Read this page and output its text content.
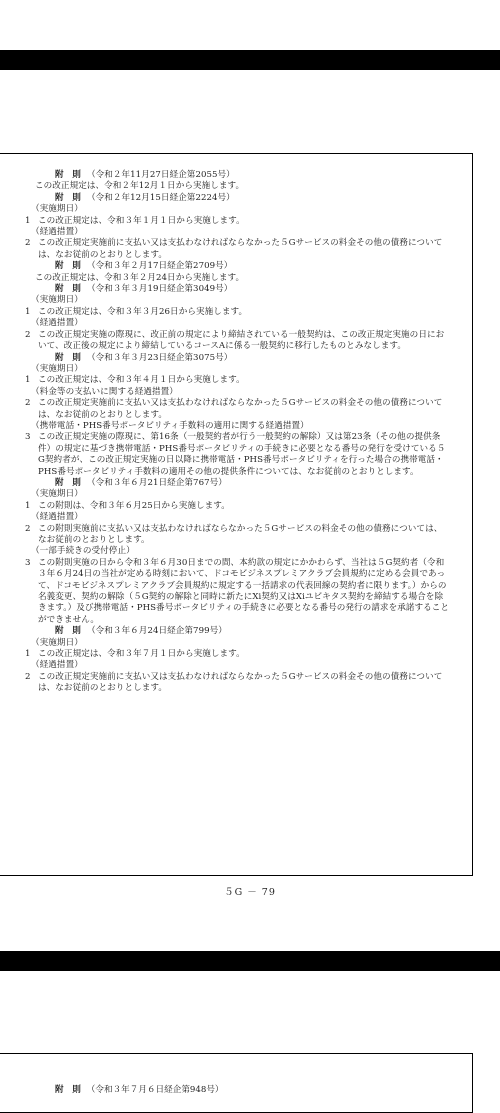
附　則 （令和２年11月27日経企第2055号）

この改正規定は、令和２年12月１日から実施します。

附　則 （令和２年12月15日経企第2224号）

（実施期日）

1 この改正規定は、令和３年１月１日から実施します。

（経過措置）

2 この改正規定実施前に支払い又は支払わなければならなかった５Gサービスの料金その他の債務については、なお従前のとおりとします。

附　則 （令和３年２月17日経企第2709号）

この改正規定は、令和３年２月24日から実施します。

附　則 （令和３年３月19日経企第3049号）

（実施期日）

1 この改正規定は、令和３年３月26日から実施します。

（経過措置）

2 この改正規定実施の際現に、改正前の規定により締結されている一般契約は、この改正規定実施の日において、改正後の規定により締結しているコースAに係る一般契約に移行したものとみなします。

附　則 （令和３年３月23日経企第3075号）

（実施期日）

1 この改正規定は、令和３年４月１日から実施します。

（料金等の支払いに関する経過措置）

2 この改正規定実施前に支払い又は支払わなければならなかった５Gサービスの料金その他の債務については、なお従前のとおりとします。

（携帯電話・PHS番号ポータビリティ手数料の適用に関する経過措置）

3 この改正規定実施の際現に、第16条（一般契約者が行う一般契約の解除）又は第23条（その他の提供条件）の規定に基づき携帯電話・PHS番号ポータビリティの手続きに必要となる番号の発行を受けている５G契約者が、この改正規定実施の日以降に携帯電話・PHS番号ポータビリティを行った場合の携帯電話・PHS番号ポータビリティ手数料の適用その他の提供条件については、なお従前のとおりとします。

附　則 （令和３年６月21日経企第767号）

（実施期日）

1 この附則は、令和３年６月25日から実施します。

（経過措置）

2 この附則実施前に支払い又は支払わなければならなかった５Gサービスの料金その他の債務については、なお従前のとおりとします。

（一部手続きの受付停止）

3 この附則実施の日から令和３年６月30日までの間、本約款の規定にかかわらず、当社は５G契約者（令和３年６月24日の当社が定める時刻において、ドコモビジネスプレミアクラブ会員規約に定める会員であって、ドコモビジネスプレミアクラブ会員規約に規定する一括請求の代表回線の契約者に限ります。）からの名義変更、契約の解除（５G契約の解除と同時に新たにXi契約又はXiユビキタス契約を締結する場合を除きます。）及び携帯電話・PHS番号ポータビリティの手続きに必要となる番号の発行の請求を承諾することができません。

附　則 （令和３年６月24日経企第799号）

（実施期日）

1 この改正規定は、令和３年７月１日から実施します。

（経過措置）

2 この改正規定実施前に支払い又は支払わなければならなかった５Gサービスの料金その他の債務については、なお従前のとおりとします。

５G － 79

附　則 （令和３年７月６日経企第948号）
